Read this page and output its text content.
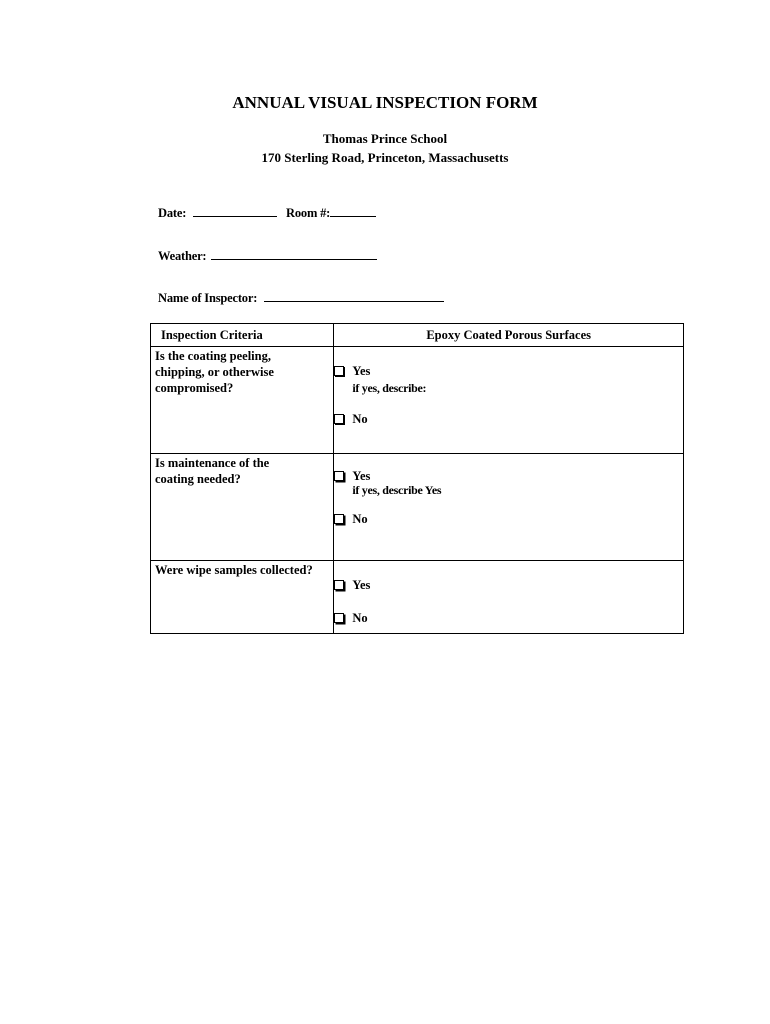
ANNUAL VISUAL INSPECTION FORM
Thomas Prince School
170 Sterling Road, Princeton, Massachusetts
Date:	Room #:
Weather:
Name of Inspector:
Inspection Criteria	Epoxy Coated Porous Surfaces

Is the coating peeling, chipping, or otherwise compromised?	Yes
if yes, describe:
No

Is maintenance of the coating needed?	Yes
if yes, describe Yes
No

Were wipe samples collected?	Yes
No
